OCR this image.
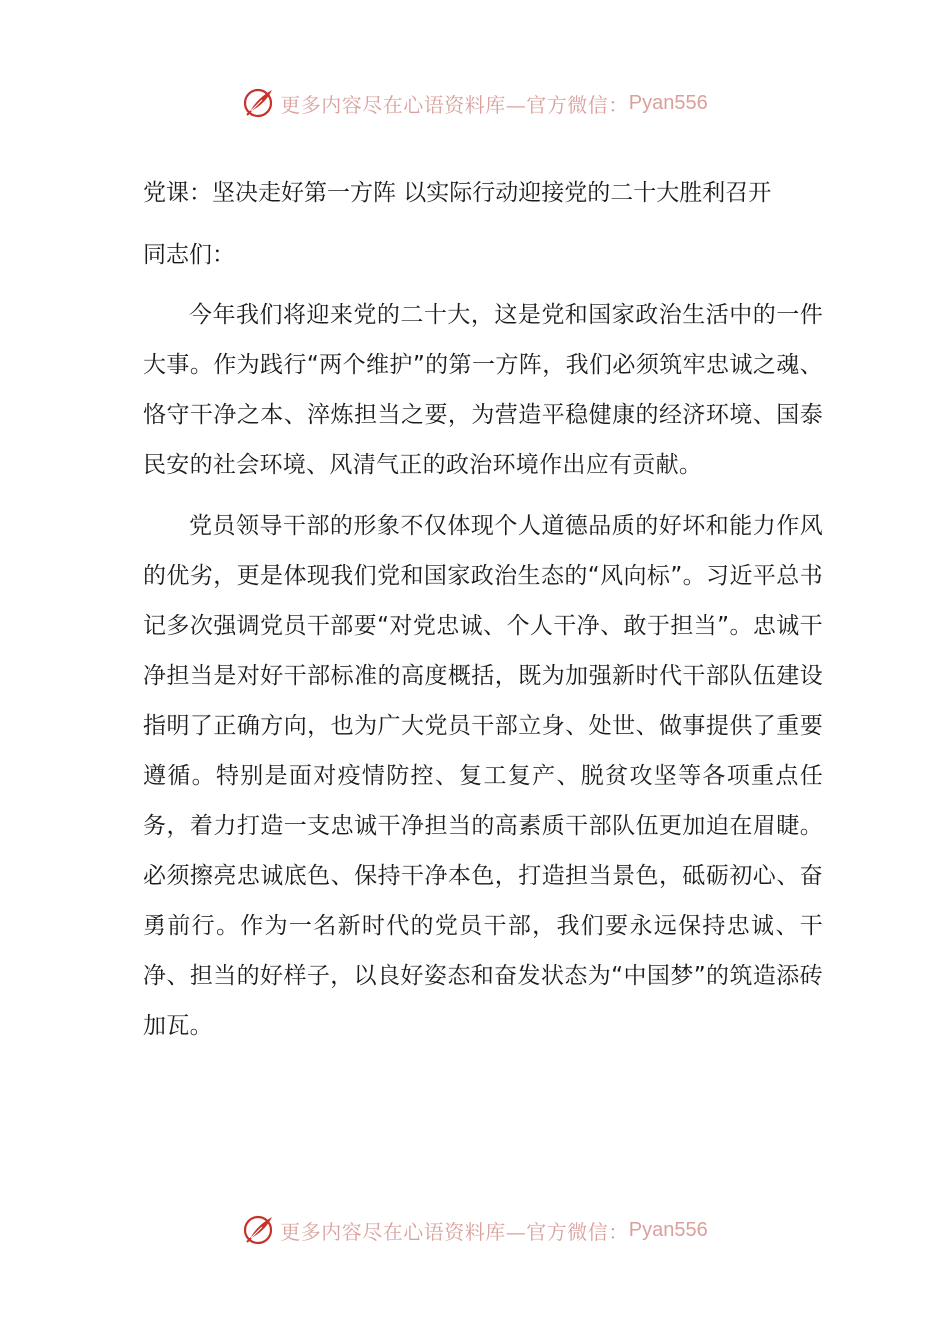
更多内容尽在心语资料库—官方微信： Pyan556
党课：坚决走好第一方阵 以实际行动迎接党的二十大胜利召开

同志们：

今年我们将迎来党的二十大，这是党和国家政治生活中的一件大事。作为践行“两个维护”的第一方阵，我们必须筑牢忠诚之魂、恪守干净之本、淬炼担当之要，为营造平稳健康的经济环境、国泰民安的社会环境、风清气正的政治环境作出应有贡献。

党员领导干部的形象不仅体现个人道德品质的好坏和能力作风的优劣，更是体现我们党和国家政治生态的“风向标”。习近平总书记多次强调党员干部要“对党忠诚、个人干净、敢于担当”。忠诚干净担当是对好干部标准的高度概括，既为加强新时代干部队伍建设指明了正确方向，也为广大党员干部立身、处世、做事提供了重要遵循。特别是面对疫情防控、复工复产、脱贫攻坚等各项重点任务，着力打造一支忠诚干净担当的高素质干部队伍更加迫在眉睫。必须擦亮忠诚底色、保持干净本色，打造担当景色，砥砺初心、奋勇前行。作为一名新时代的党员干部，我们要永远保持忠诚、干净、担当的好样子，以良好姿态和奋发状态为“中国梦”的筑造添砖加瓦。

更多内容尽在心语资料库—官方微信： Pyan556
